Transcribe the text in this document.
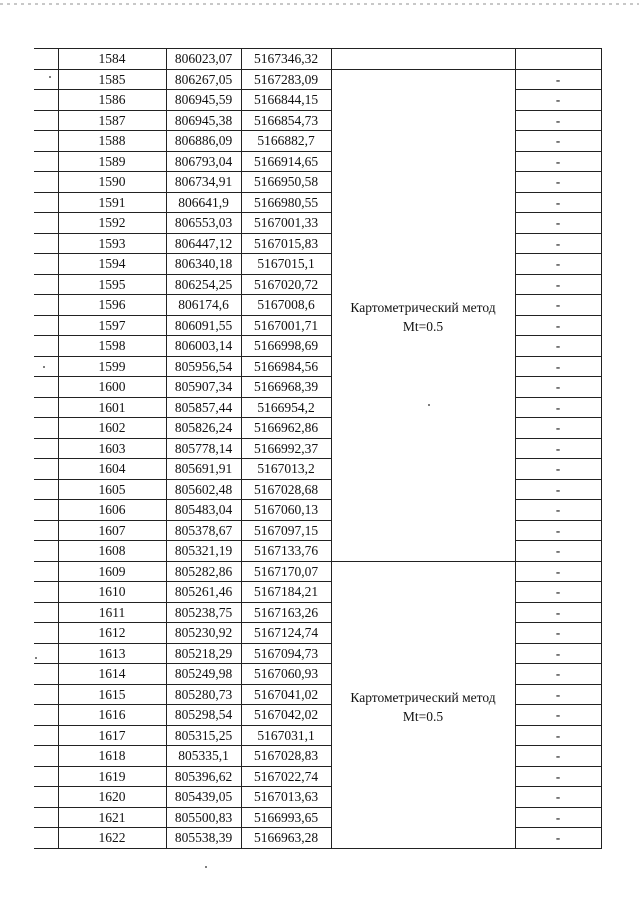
	1584	806023,07	5167346,32		
	1585	806267,05	5167283,09	Картометрический метод
Mt=0.5	-
	1586	806945,59	5166844,15		-
	1587	806945,38	5166854,73		-
	1588	806886,09	5166882,7		-
	1589	806793,04	5166914,65		-
	1590	806734,91	5166950,58		-
	1591	806641,9	5166980,55		-
	1592	806553,03	5167001,33		-
	1593	806447,12	5167015,83		-
	1594	806340,18	5167015,1		-
	1595	806254,25	5167020,72		-
	1596	806174,6	5167008,6		-
	1597	806091,55	5167001,71		-
	1598	806003,14	5166998,69		-
	1599	805956,54	5166984,56		-
	1600	805907,34	5166968,39		-
	1601	805857,44	5166954,2		-
	1602	805826,24	5166962,86		-
	1603	805778,14	5166992,37		-
	1604	805691,91	5167013,2		-
	1605	805602,48	5167028,68		-
	1606	805483,04	5167060,13		-
	1607	805378,67	5167097,15		-
	1608	805321,19	5167133,76		-
	1609	805282,86	5167170,07	Картометрический метод
Mt=0.5	-
	1610	805261,46	5167184,21		-
	1611	805238,75	5167163,26		-
	1612	805230,92	5167124,74		-
	1613	805218,29	5167094,73		-
	1614	805249,98	5167060,93		-
	1615	805280,73	5167041,02		-
	1616	805298,54	5167042,02		-
	1617	805315,25	5167031,1		-
	1618	805335,1	5167028,83		-
	1619	805396,62	5167022,74		-
	1620	805439,05	5167013,63		-
	1621	805500,83	5166993,65		-
	1622	805538,39	5166963,28		-
